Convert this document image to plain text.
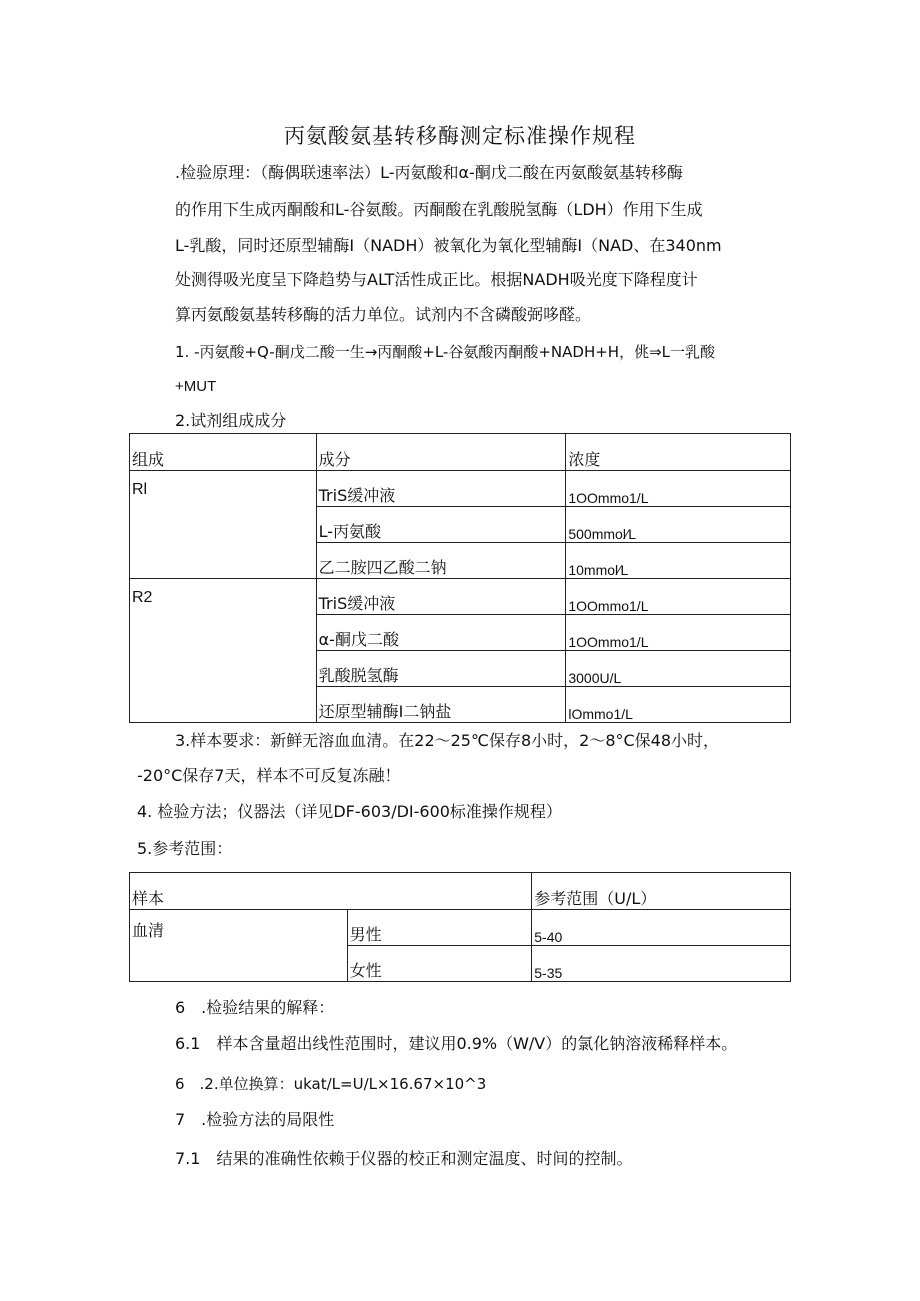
丙氨酸氨基转移酶测定标准操作规程
.检验原理：（酶偶联速率法）L-丙氨酸和α-酮戊二酸在丙氨酸氨基转移酶
的作用下生成丙酮酸和L-谷氨酸。丙酮酸在乳酸脱氢酶（LDH）作用下生成
L-乳酸，同时还原型辅酶I（NADH）被氧化为氧化型辅酶I（NAD、在340nm
处测得吸光度呈下降趋势与ALT活性成正比。根据NADH吸光度下降程度计
算丙氨酸氨基转移酶的活力单位。试剂内不含磷酸弼哆醛。
1. -丙氨酸+Q-酮戊二酸一生→丙酮酸+L-谷氨酸丙酮酸+NADH+H，佻⇒L一乳酸
+MUT
2.试剂组成成分
组成	成分	浓度
Rl	TriS缓冲液	1OOmmo1/L
	L-丙氨酸	500mmol∕L
	乙二胺四乙酸二钠	10mmol∕L
R2	TriS缓冲液	1OOmmo1/L
	α-酮戊二酸	1OOmmo1/L
	乳酸脱氢酶	3000U/L
	还原型辅酶I二钠盐	lOmmo1/L
3.样本要求：新鲜无溶血血清。在22～25℃保存8小时，2～8°C保48小时，
-20°C保存7天，样本不可反复冻融！
4. 检验方法；仪器法（详见DF-603/DI-600标准操作规程）
5.参考范围：
样本		参考范围（U/L）
血清	男性	5-40
	女性	5-35
6　.检验结果的解释：
6.1　样本含量超出线性范围时，建议用0.9%（W∕V）的氯化钠溶液稀释样本。
6　.2.单位换算：ukat∕L=U∕L×16.67×10^3
7　.检验方法的局限性
7.1　结果的准确性依赖于仪器的校正和测定温度、时间的控制。
